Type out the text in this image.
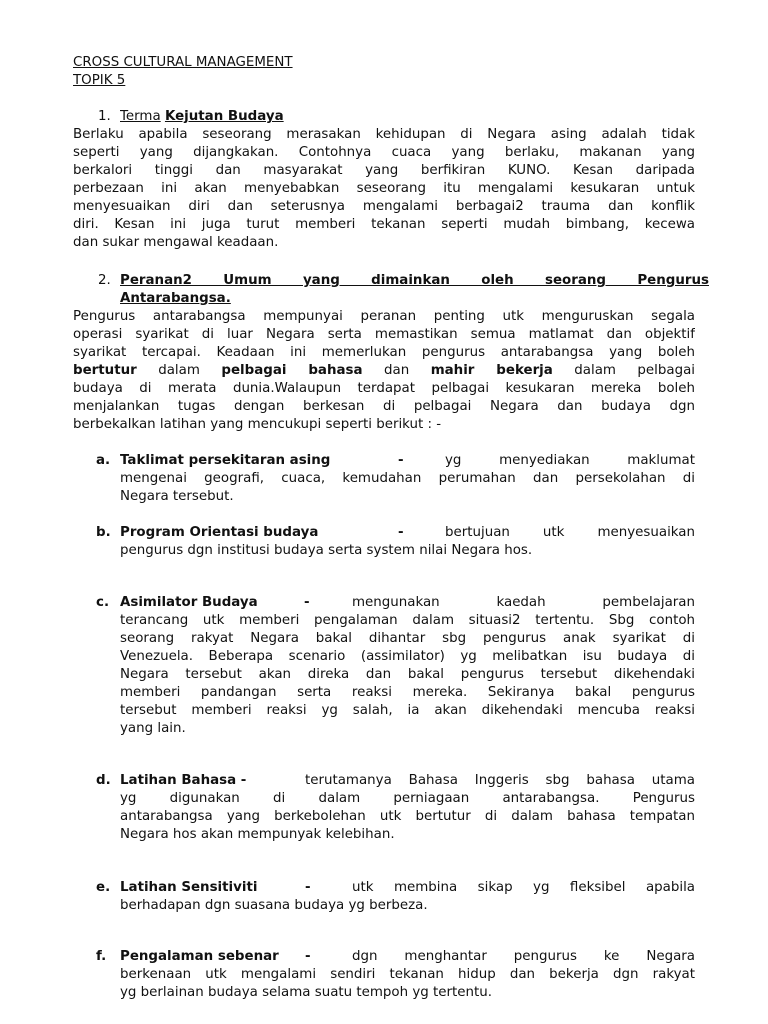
CROSS CULTURAL MANAGEMENT
TOPIK 5
1. Terma Kejutan Budaya
Berlaku apabila seseorang merasakan kehidupan di Negara asing adalah tidak
seperti yang dijangkakan. Contohnya cuaca yang berlaku, makanan yang
berkalori tinggi dan masyarakat yang berfikiran KUNO. Kesan daripada
perbezaan ini akan menyebabkan seseorang itu mengalami kesukaran untuk
menyesuaikan diri dan seterusnya mengalami berbagai2 trauma dan konflik
diri. Kesan ini juga turut memberi tekanan seperti mudah bimbang, kecewa
dan sukar mengawal keadaan.
2. Peranan2 Umum yang dimainkan oleh seorang Pengurus
Antarabangsa.
Pengurus antarabangsa mempunyai peranan penting utk menguruskan segala
operasi syarikat di luar Negara serta memastikan semua matlamat dan objektif
syarikat tercapai. Keadaan ini memerlukan pengurus antarabangsa yang boleh
bertutur dalam pelbagai bahasa dan mahir bekerja dalam pelbagai
budaya di merata dunia.Walaupun terdapat pelbagai kesukaran mereka boleh
menjalankan tugas dengan berkesan di pelbagai Negara dan budaya dgn
berbekalkan latihan yang mencukupi seperti berikut : -
a. Taklimat persekitaran asing	-	yg menyediakan maklumat
mengenai geografi, cuaca, kemudahan perumahan dan persekolahan di
Negara tersebut.
b. Program Orientasi budaya	-	bertujuan utk menyesuaikan
pengurus dgn institusi budaya serta system nilai Negara hos.
c. Asimilator Budaya	-	mengunakan kaedah pembelajaran
terancang utk memberi pengalaman dalam situasi2 tertentu. Sbg contoh
seorang rakyat Negara bakal dihantar sbg pengurus anak syarikat di
Venezuela. Beberapa scenario (assimilator) yg melibatkan isu budaya di
Negara tersebut akan direka dan bakal pengurus tersebut dikehendaki
memberi pandangan serta reaksi mereka. Sekiranya bakal pengurus
tersebut memberi reaksi yg salah, ia akan dikehendaki mencuba reaksi
yang lain.
d. Latihan Bahasa -	terutamanya Bahasa Inggeris sbg bahasa utama
yg digunakan di dalam perniagaan antarabangsa. Pengurus
antarabangsa yang berkebolehan utk bertutur di dalam bahasa tempatan
Negara hos akan mempunyak kelebihan.
e. Latihan Sensitiviti	-	utk membina sikap yg fleksibel apabila
berhadapan dgn suasana budaya yg berbeza.
f. Pengalaman sebenar	-	dgn menghantar pengurus ke Negara
berkenaan utk mengalami sendiri tekanan hidup dan bekerja dgn rakyat
yg berlainan budaya selama suatu tempoh yg tertentu.
